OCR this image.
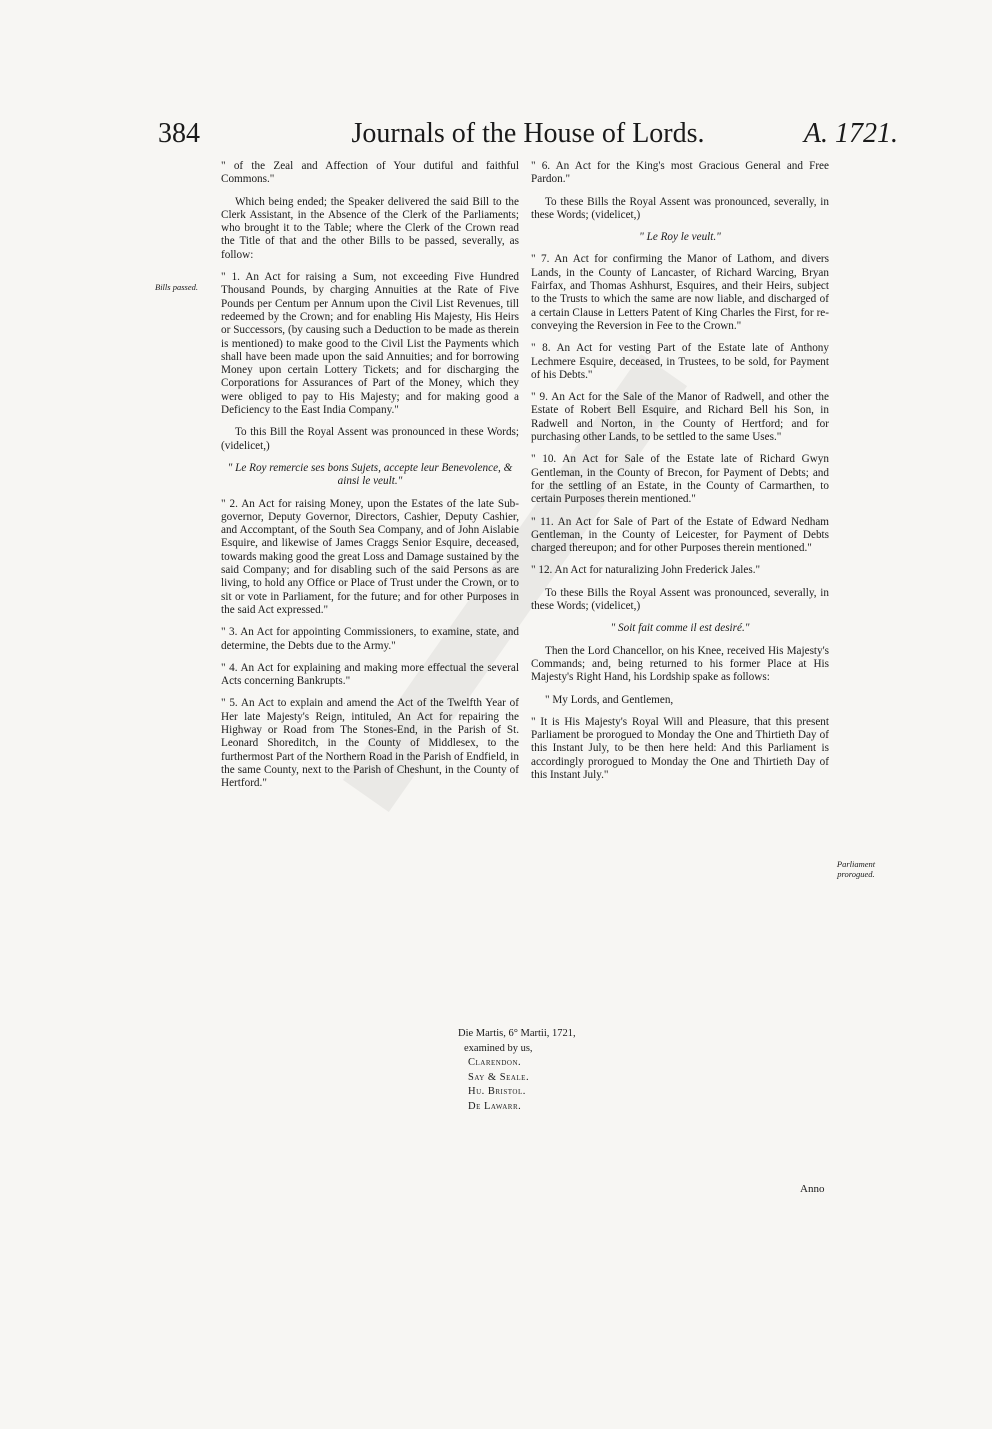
384	Journals of the House of Lords.	A. 1721.
Bills passed.
Parliament prorogued.

" of the Zeal and Affection of Your dutiful and faithful Commons."

Which being ended; the Speaker delivered the said Bill to the Clerk Assistant, in the Absence of the Clerk of the Parliaments; who brought it to the Table; where the Clerk of the Crown read the Title of that and the other Bills to be passed, severally, as follow:

" 1. An Act for raising a Sum, not exceeding Five Hundred Thousand Pounds, by charging Annuities at the Rate of Five Pounds per Centum per Annum upon the Civil List Revenues, till redeemed by the Crown; and for enabling His Majesty, His Heirs or Successors, (by causing such a Deduction to be made as therein is mentioned) to make good to the Civil List the Payments which shall have been made upon the said Annuities; and for borrowing Money upon certain Lottery Tickets; and for discharging the Corporations for Assurances of Part of the Money, which they were obliged to pay to His Majesty; and for making good a Deficiency to the East India Company."

To this Bill the Royal Assent was pronounced in these Words; (videlicet,)

" Le Roy remercie ses bons Sujets, accepte leur Benevolence, & ainsi le veult."

" 2. An Act for raising Money, upon the Estates of the late Sub-governor, Deputy Governor, Directors, Cashier, Deputy Cashier, and Accomptant, of the South Sea Company, and of John Aislabie Esquire, and likewise of James Craggs Senior Esquire, deceased, towards making good the great Loss and Damage sustained by the said Company; and for disabling such of the said Persons as are living, to hold any Office or Place of Trust under the Crown, or to sit or vote in Parliament, for the future; and for other Purposes in the said Act expressed."

" 3. An Act for appointing Commissioners, to examine, state, and determine, the Debts due to the Army."

" 4. An Act for explaining and making more effectual the several Acts concerning Bankrupts."

" 5. An Act to explain and amend the Act of the Twelfth Year of Her late Majesty's Reign, intituled, An Act for repairing the Highway or Road from The Stones-End, in the Parish of St. Leonard Shoreditch, in the County of Middlesex, to the furthermost Part of the Northern Road in the Parish of Endfield, in the same County, next to the Parish of Cheshunt, in the County of Hertford."

" 6. An Act for the King's most Gracious General and Free Pardon."

To these Bills the Royal Assent was pronounced, severally, in these Words; (videlicet,)

" Le Roy le veult."

" 7. An Act for confirming the Manor of Lathom, and divers Lands, in the County of Lancaster, of Richard Warcing, Bryan Fairfax, and Thomas Ashhurst, Esquires, and their Heirs, subject to the Trusts to which the same are now liable, and discharged of a certain Clause in Letters Patent of King Charles the First, for re-conveying the Reversion in Fee to the Crown."

" 8. An Act for vesting Part of the Estate late of Anthony Lechmere Esquire, deceased, in Trustees, to be sold, for Payment of his Debts."

" 9. An Act for the Sale of the Manor of Radwell, and other the Estate of Robert Bell Esquire, and Richard Bell his Son, in Radwell and Norton, in the County of Hertford; and for purchasing other Lands, to be settled to the same Uses."

" 10. An Act for Sale of the Estate late of Richard Gwyn Gentleman, in the County of Brecon, for Payment of Debts; and for the settling of an Estate, in the County of Carmarthen, to certain Purposes therein mentioned."

" 11. An Act for Sale of Part of the Estate of Edward Nedham Gentleman, in the County of Leicester, for Payment of Debts charged thereupon; and for other Purposes therein mentioned."

" 12. An Act for naturalizing John Frederick Jales."

To these Bills the Royal Assent was pronounced, severally, in these Words; (videlicet,)

" Soit fait comme il est desiré."

Then the Lord Chancellor, on his Knee, received His Majesty's Commands; and, being returned to his former Place at His Majesty's Right Hand, his Lordship spake as follows:

" My Lords, and Gentlemen,

" It is His Majesty's Royal Will and Pleasure, that this present Parliament be prorogued to Monday the One and Thirtieth Day of this Instant July, to be then here held: And this Parliament is accordingly prorogued to Monday the One and Thirtieth Day of this Instant July."

Die Martis, 6° Martii, 1721,
examined by us,
Clarendon.
Say & Seale.
Hu. Bristol.
De Lawarr.
Anno
